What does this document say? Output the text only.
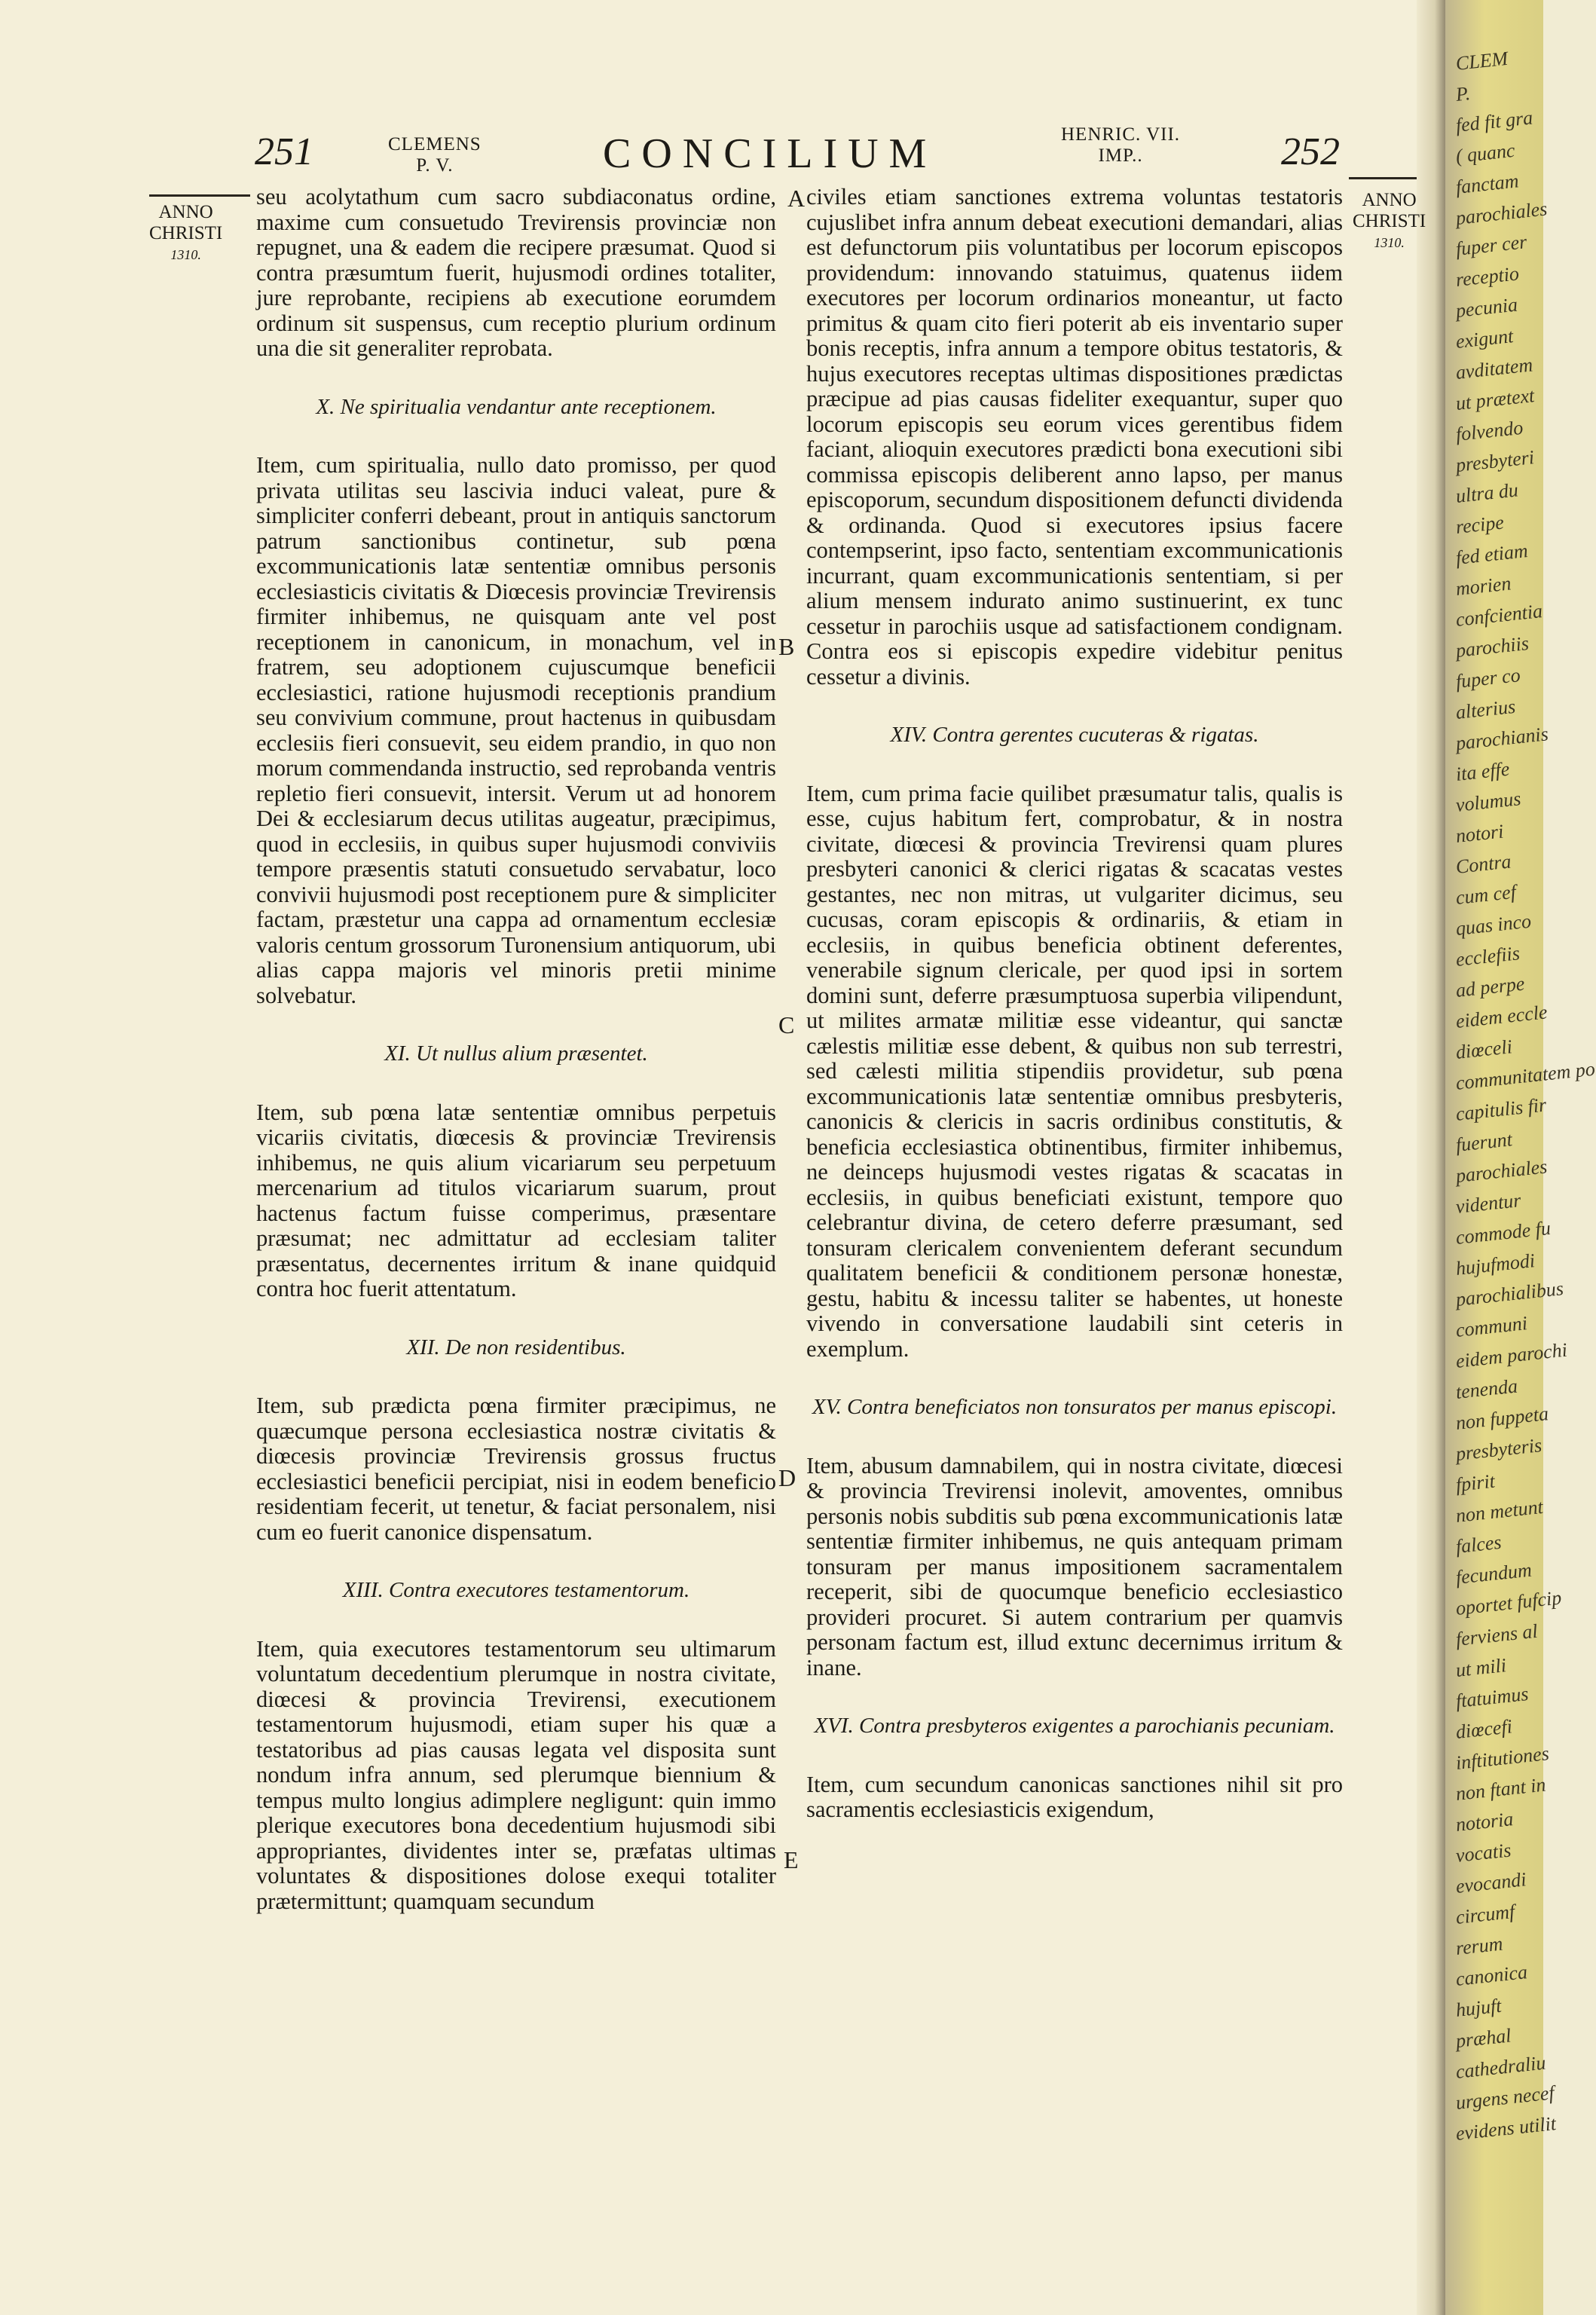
CLEM
P.
fed fit gra
( quanc
fanctam
parochiales
fuper cer
receptio
pecunia
exigunt
avditatem
ut prætext
folvendo
presbyteri
ultra du
recipe
fed etiam
morien
confcientia
parochiis
fuper co
alterius
parochianis
ita effe
volumus
notori
Contra
cum cef
quas inco
ecclefiis
ad perpe
eidem eccle
diœceli
communitatem po
capitulis fir
fuerunt
parochiales
videntur
commode fu
hujufmodi
parochialibus
communi
eidem parochi
tenenda
non fuppeta
presbyteris
fpirit
non metunt
falces
fecundum
oportet fufcip
ferviens al
ut mili
ftatuimus
diœcefi
inftitutiones
non ftant in
notoria
vocatis
evocandi
circumf
rerum
canonica
hujuft
præhal
cathedraliu
urgens necef
evidens utilit
251	CLEMENS
P. V.	CONCILIUM	HENRIC. VII.
IMP..	252
ANNO
CHRISTI
1310.
ANNO
CHRISTI
1310.
A
B
C
D
E

seu acolytathum cum sacro subdiaconatus ordine, maxime cum consuetudo Trevirensis provinciæ non repugnet, una & eadem die recipere præsumat. Quod si contra præsumtum fuerit, hujusmodi ordines totaliter, jure reprobante, recipiens ab executione eorumdem ordinum sit suspensus, cum receptio plurium ordinum una die sit generaliter reprobata.

X. Ne spiritualia vendantur ante receptionem.

Item, cum spiritualia, nullo dato promisso, per quod privata utilitas seu lascivia induci valeat, pure & simpliciter conferri debeant, prout in antiquis sanctorum patrum sanctionibus continetur, sub pœna excommunicationis latæ sententiæ omnibus personis ecclesiasticis civitatis & Diœcesis provinciæ Trevirensis firmiter inhibemus, ne quisquam ante vel post receptionem in canonicum, in monachum, vel in fratrem, seu adoptionem cujuscumque beneficii ecclesiastici, ratione hujusmodi receptionis prandium seu convivium commune, prout hactenus in quibusdam ecclesiis fieri consuevit, seu eidem prandio, in quo non morum commendanda instructio, sed reprobanda ventris repletio fieri consuevit, intersit. Verum ut ad honorem Dei & ecclesiarum decus utilitas augeatur, præcipimus, quod in ecclesiis, in quibus super hujusmodi conviviis tempore præsentis statuti consuetudo servabatur, loco convivii hujusmodi post receptionem pure & simpliciter factam, præstetur una cappa ad ornamentum ecclesiæ valoris centum grossorum Turonensium antiquorum, ubi alias cappa majoris vel minoris pretii minime solvebatur.

XI. Ut nullus alium præsentet.

Item, sub pœna latæ sententiæ omnibus perpetuis vicariis civitatis, diœcesis & provinciæ Trevirensis inhibemus, ne quis alium vicariarum seu perpetuum mercenarium ad titulos vicariarum suarum, prout hactenus factum fuisse comperimus, præsentare præsumat; nec admittatur ad ecclesiam taliter præsentatus, decernentes irritum & inane quidquid contra hoc fuerit attentatum.

XII. De non residentibus.

Item, sub prædicta pœna firmiter præcipimus, ne quæcumque persona ecclesiastica nostræ civitatis & diœcesis provinciæ Trevirensis grossus fructus ecclesiastici beneficii percipiat, nisi in eodem beneficio residentiam fecerit, ut tenetur, & faciat personalem, nisi cum eo fuerit canonice dispensatum.

XIII. Contra executores testamentorum.

Item, quia executores testamentorum seu ultimarum voluntatum decedentium plerumque in nostra civitate, diœcesi & provincia Trevirensi, executionem testamentorum hujusmodi, etiam super his quæ a testatoribus ad pias causas legata vel disposita sunt nondum infra annum, sed plerumque biennium & tempus multo longius adimplere negligunt: quin immo plerique executores bona decedentium hujusmodi sibi appropriantes, dividentes inter se, præfatas ultimas voluntates & dispositiones dolose exequi totaliter prætermittunt; quamquam secundum

civiles etiam sanctiones extrema voluntas testatoris cujuslibet infra annum debeat executioni demandari, alias est defunctorum piis voluntatibus per locorum episcopos providendum: innovando statuimus, quatenus iidem executores per locorum ordinarios moneantur, ut facto primitus & quam cito fieri poterit ab eis inventario super bonis receptis, infra annum a tempore obitus testatoris, & hujus executores receptas ultimas dispositiones prædictas præcipue ad pias causas fideliter exequantur, super quo locorum episcopis seu eorum vices gerentibus fidem faciant, alioquin executores prædicti bona executioni sibi commissa episcopis deliberent anno lapso, per manus episcoporum, secundum dispositionem defuncti dividenda & ordinanda. Quod si executores ipsius facere contempserint, ipso facto, sententiam excommunicationis incurrant, quam excommunicationis sententiam, si per alium mensem indurato animo sustinuerint, ex tunc cessetur in parochiis usque ad satisfactionem condignam. Contra eos si episcopis expedire videbitur penitus cessetur a divinis.

XIV. Contra gerentes cucuteras & rigatas.

Item, cum prima facie quilibet præsumatur talis, qualis is esse, cujus habitum fert, comprobatur, & in nostra civitate, diœcesi & provincia Trevirensi quam plures presbyteri canonici & clerici rigatas & scacatas vestes gestantes, nec non mitras, ut vulgariter dicimus, seu cucusas, coram episcopis & ordinariis, & etiam in ecclesiis, in quibus beneficia obtinent deferentes, venerabile signum clericale, per quod ipsi in sortem domini sunt, deferre præsumptuosa superbia vilipendunt, ut milites armatæ militiæ esse videantur, qui sanctæ cælestis militiæ esse debent, & quibus non sub terrestri, sed cælesti militia stipendiis providetur, sub pœna excommunicationis latæ sententiæ omnibus presbyteris, canonicis & clericis in sacris ordinibus constitutis, & beneficia ecclesiastica obtinentibus, firmiter inhibemus, ne deinceps hujusmodi vestes rigatas & scacatas in ecclesiis, in quibus beneficiati existunt, tempore quo celebrantur divina, de cetero deferre præsumant, sed tonsuram clericalem convenientem deferant secundum qualitatem beneficii & conditionem personæ honestæ, gestu, habitu & incessu taliter se habentes, ut honeste vivendo in conversatione laudabili sint ceteris in exemplum.

XV. Contra beneficiatos non tonsuratos per manus episcopi.

Item, abusum damnabilem, qui in nostra civitate, diœcesi & provincia Trevirensi inolevit, amoventes, omnibus personis nobis subditis sub pœna excommunicationis latæ sententiæ firmiter inhibemus, ne quis antequam primam tonsuram per manus impositionem sacramentalem receperit, sibi de quocumque beneficio ecclesiastico provideri procuret. Si autem contrarium per quamvis personam factum est, illud extunc decernimus irritum & inane.

XVI. Contra presbyteros exigentes a parochianis pecuniam.

Item, cum secundum canonicas sanctiones nihil sit pro sacramentis ecclesiasticis exigendum,
